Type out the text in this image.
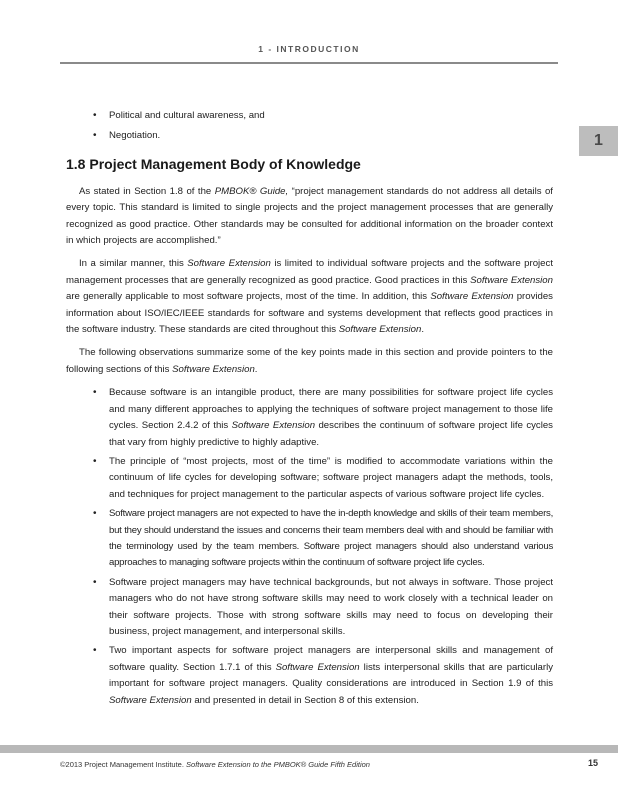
1 - INTRODUCTION
1
• Political and cultural awareness, and
• Negotiation.
1.8 Project Management Body of Knowledge

As stated in Section 1.8 of the PMBOK® Guide, “project management standards do not address all details of every topic. This standard is limited to single projects and the project management processes that are generally recognized as good practice. Other standards may be consulted for additional information on the broader context in which projects are accomplished.”

In a similar manner, this Software Extension is limited to individual software projects and the software project management processes that are generally recognized as good practice. Good practices in this Software Extension are generally applicable to most software projects, most of the time. In addition, this Software Extension provides information about ISO/IEC/IEEE standards for software and systems development that reflects good practices in the software industry. These standards are cited throughout this Software Extension.

The following observations summarize some of the key points made in this section and provide pointers to the following sections of this Software Extension.

• Because software is an intangible product, there are many possibilities for software project life cycles and many different approaches to applying the techniques of software project management to those life cycles. Section 2.4.2 of this Software Extension describes the continuum of software project life cycles that vary from highly predictive to highly adaptive.
• The principle of “most projects, most of the time” is modified to accommodate variations within the continuum of life cycles for developing software; software project managers adapt the methods, tools, and techniques for project management to the particular aspects of various software project life cycles.
• Software project managers are not expected to have the in-depth knowledge and skills of their team members, but they should understand the issues and concerns their team members deal with and should be familiar with the terminology used by the team members. Software project managers should also understand various approaches to managing software projects within the continuum of software project life cycles.
• Software project managers may have technical backgrounds, but not always in software. Those project managers who do not have strong software skills may need to work closely with a technical leader on their software projects. Those with strong software skills may need to focus on developing their business, project management, and interpersonal skills.
• Two important aspects for software project managers are interpersonal skills and management of software quality. Section 1.7.1 of this Software Extension lists interpersonal skills that are particularly important for software project managers. Quality considerations are introduced in Section 1.9 of this Software Extension and presented in detail in Section 8 of this extension.
©2013 Project Management Institute. Software Extension to the PMBOK® Guide Fifth Edition	15
